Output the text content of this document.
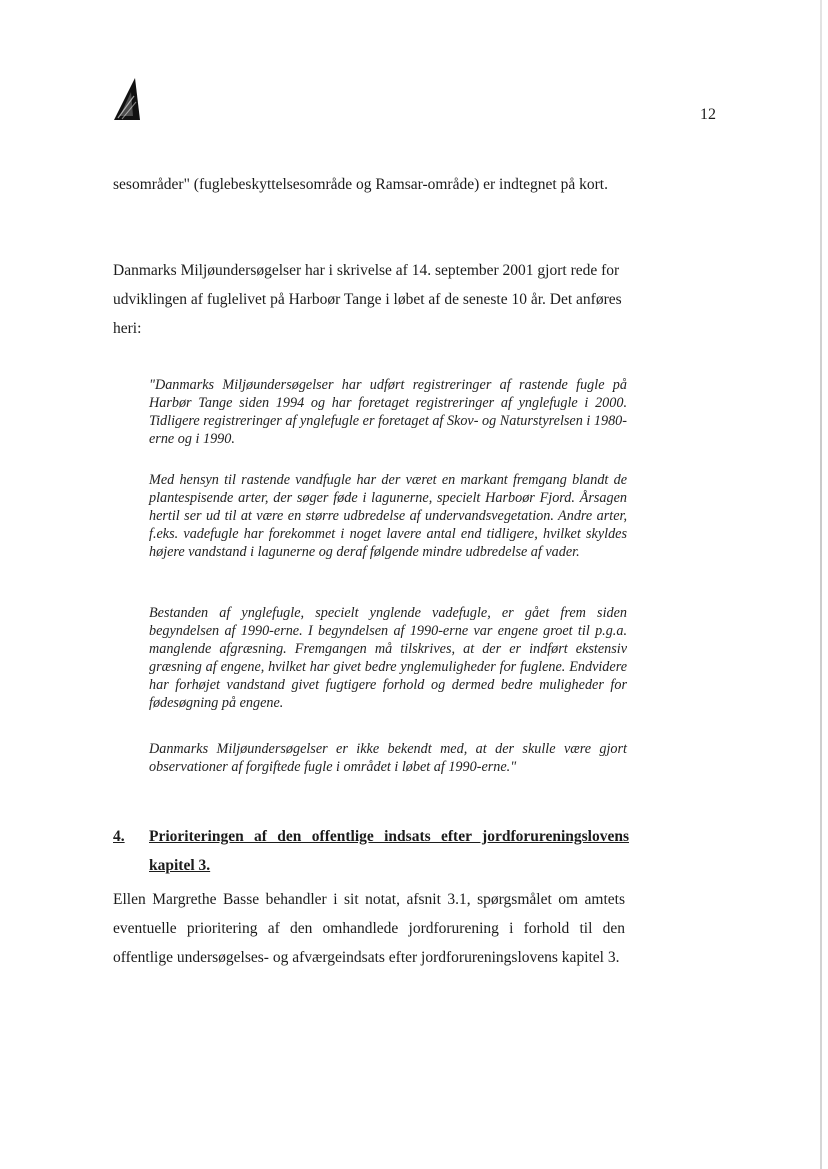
12

sesområder" (fuglebeskyttelsesområde og Ramsar-område) er indtegnet på kort.

Danmarks Miljøundersøgelser har i skrivelse af 14. september 2001 gjort rede for udviklingen af fuglelivet på Harboør Tange i løbet af de seneste 10 år. Det anføres heri:

"Danmarks Miljøundersøgelser har udført registreringer af rastende fugle på Harbør Tange siden 1994 og har foretaget registreringer af ynglefugle i 2000. Tidligere registreringer af ynglefugle er foretaget af Skov- og Naturstyrelsen i 1980-erne og i 1990.

Med hensyn til rastende vandfugle har der været en markant fremgang blandt de plantespisende arter, der søger føde i lagunerne, specielt Harboør Fjord. Årsagen hertil ser ud til at være en større udbredelse af undervandsvegetation. Andre arter, f.eks. vadefugle har forekommet i noget lavere antal end tidligere, hvilket skyldes højere vandstand i lagunerne og deraf følgende mindre udbredelse af vader.

Bestanden af ynglefugle, specielt ynglende vadefugle, er gået frem siden begyndelsen af 1990-erne. I begyndelsen af 1990-erne var engene groet til p.g.a. manglende afgræsning. Fremgangen må tilskrives, at der er indført ekstensiv græsning af engene, hvilket har givet bedre ynglemuligheder for fuglene. Endvidere har forhøjet vandstand givet fugtigere forhold og dermed bedre muligheder for fødesøgning på engene.

Danmarks Miljøundersøgelser er ikke bekendt med, at der skulle være gjort observationer af forgiftede fugle i området i løbet af 1990-erne."

4. Prioriteringen af den offentlige indsats efter jordforureningslovens kapitel 3.

Ellen Margrethe Basse behandler i sit notat, afsnit 3.1, spørgsmålet om amtets eventuelle prioritering af den omhandlede jordforurening i forhold til den offentlige undersøgelses- og afværgeindsats efter jordforureningslovens kapitel 3.
